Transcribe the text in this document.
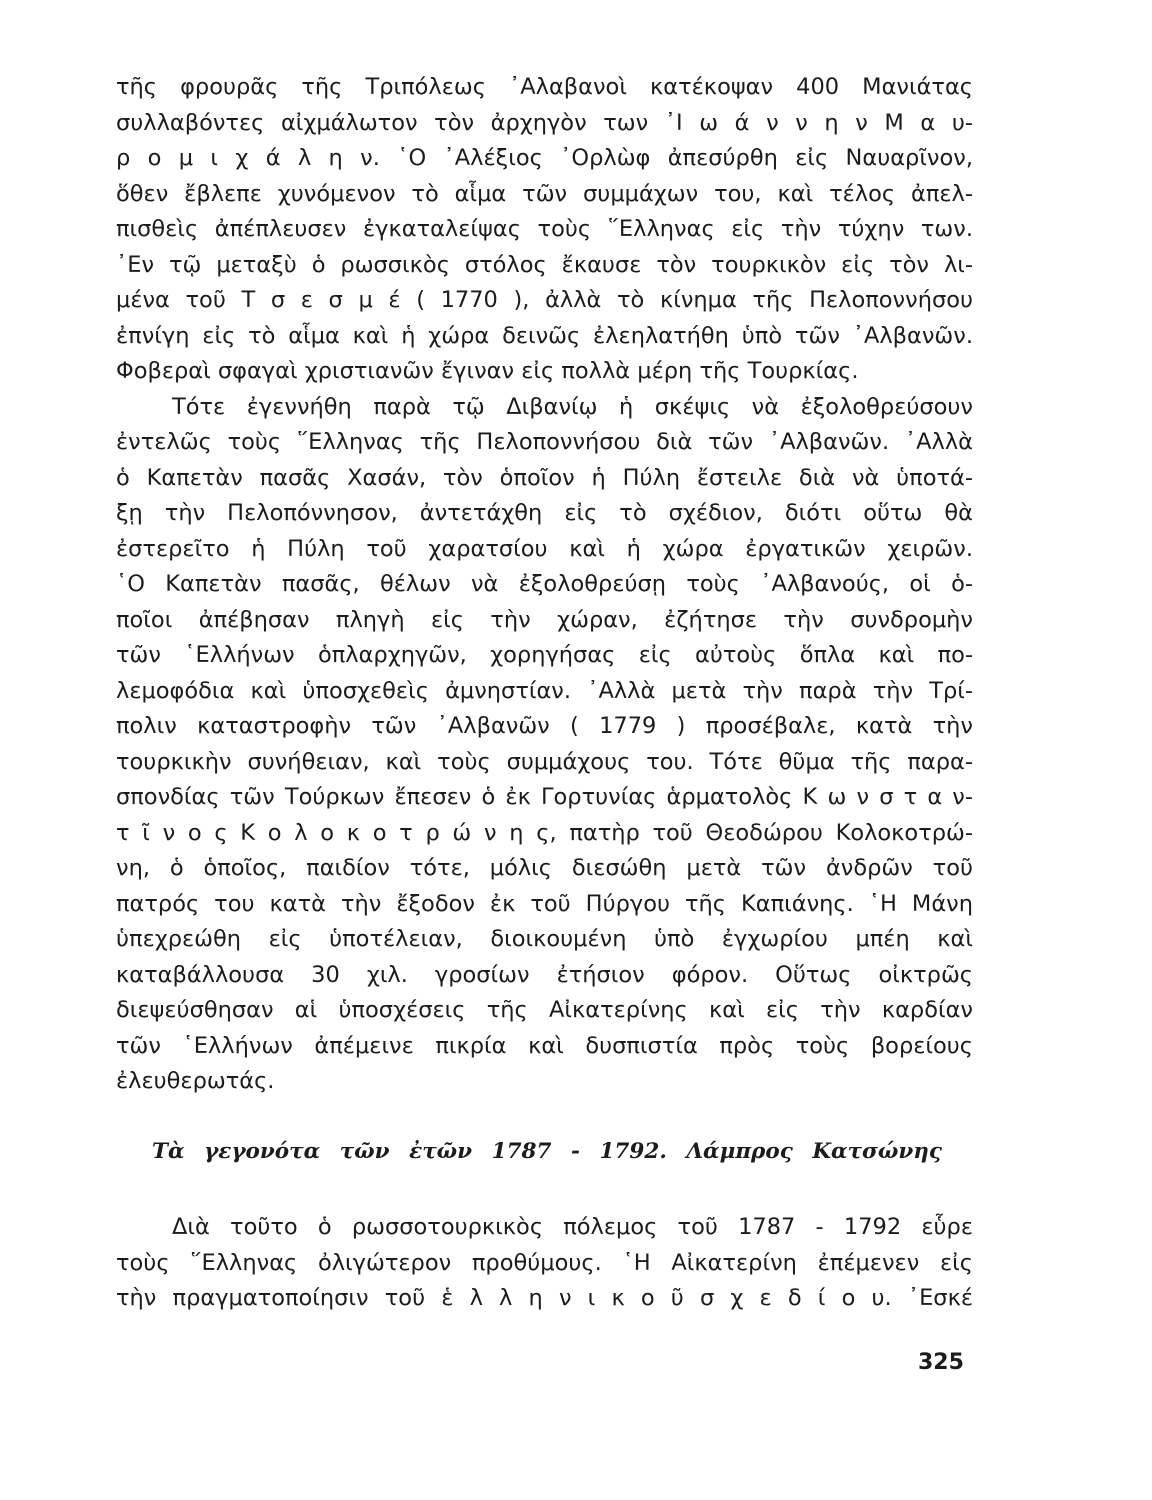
τῆς φρουρᾶς τῆς Τριπόλεως ᾿Αλαβανοὶ κατέκοψαν 400 Μανιάτας
συλλαβόντες αἰχμάλωτον τὸν ἀρχηγὸν των ᾿Ι ω ά ν ν η ν Μ α υ-
ρ ο μ ι χ ά λ η ν. ῾Ο ᾿Αλέξιος ᾿Ορλὼφ ἀπεσύρθη εἰς Ναυαρῖνον,
ὅθεν ἔβλεπε χυνόμενον τὸ αἷμα τῶν συμμάχων του, καὶ τέλος ἀπελ-
πισθεὶς ἀπέπλευσεν ἐγκαταλείψας τοὺς ῞Ελληνας εἰς τὴν τύχην των.
᾿Εν τῷ μεταξὺ ὁ ρωσσικὸς στόλος ἔκαυσε τὸν τουρκικὸν εἰς τὸν λι-
μένα τοῦ Τ σ ε σ μ έ ( 1770 ), ἀλλὰ τὸ κίνημα τῆς Πελοποννήσου
ἐπνίγη εἰς τὸ αἷμα καὶ ἡ χώρα δεινῶς ἐλεηλατήθη ὑπὸ τῶν ᾿Αλβανῶν.
Φοβεραὶ σφαγαὶ χριστιανῶν ἔγιναν εἰς πολλὰ μέρη τῆς Τουρκίας.
Τότε ἐγεννήθη παρὰ τῷ Διβανίῳ ἡ σκέψις νὰ ἐξολοθρεύσουν
ἐντελῶς τοὺς ῞Ελληνας τῆς Πελοποννήσου διὰ τῶν ᾿Αλβανῶν. ᾿Αλλὰ
ὁ Καπετὰν πασᾶς Χασάν, τὸν ὁποῖον ἡ Πύλη ἔστειλε διὰ νὰ ὑποτά-
ξῃ τὴν Πελοπόννησον, ἀντετάχθη εἰς τὸ σχέδιον, διότι οὕτω θὰ
ἐστερεῖτο ἡ Πύλη τοῦ χαρατσίου καὶ ἡ χώρα ἐργατικῶν χειρῶν.
῾Ο Καπετὰν πασᾶς, θέλων νὰ ἐξολοθρεύσῃ τοὺς ᾿Αλβανούς, οἱ ὁ-
ποῖοι ἀπέβησαν πληγὴ εἰς τὴν χώραν, ἐζήτησε τὴν συνδρομὴν
τῶν ῾Ελλήνων ὁπλαρχηγῶν, χορηγήσας εἰς αὐτοὺς ὅπλα καὶ πο-
λεμοφόδια καὶ ὑποσχεθεὶς ἀμνηστίαν. ᾿Αλλὰ μετὰ τὴν παρὰ τὴν Τρί-
πολιν καταστροφὴν τῶν ᾿Αλβανῶν ( 1779 ) προσέβαλε, κατὰ τὴν
τουρκικὴν συνήθειαν, καὶ τοὺς συμμάχους του. Τότε θῦμα τῆς παρα-
σπονδίας τῶν Τούρκων ἔπεσεν ὁ ἐκ Γορτυνίας ἁρματολὸς Κ ω ν σ τ α ν-
τ ῖ ν ο ς Κ ο λ ο κ ο τ ρ ώ ν η ς, πατὴρ τοῦ Θεοδώρου Κολοκοτρώ-
νη, ὁ ὁποῖος, παιδίον τότε, μόλις διεσώθη μετὰ τῶν ἀνδρῶν τοῦ
πατρός του κατὰ τὴν ἔξοδον ἐκ τοῦ Πύργου τῆς Καπιάνης. ῾Η Μάνη
ὑπεχρεώθη εἰς ὑποτέλειαν, διοικουμένη ὑπὸ ἐγχωρίου μπέη καὶ
καταβάλλουσα 30 χιλ. γροσίων ἐτήσιον φόρον. Οὕτως οἰκτρῶς
διεψεύσθησαν αἱ ὑποσχέσεις τῆς Αἰκατερίνης καὶ εἰς τὴν καρδίαν
τῶν ῾Ελλήνων ἀπέμεινε πικρία καὶ δυσπιστία πρὸς τοὺς βορείους
ἐλευθερωτάς.
Τὰ γεγονότα τῶν ἐτῶν 1787 - 1792. Λάμπρος Κατσώνης
Διὰ τοῦτο ὁ ρωσσοτουρκικὸς πόλεμος τοῦ 1787 - 1792 εὗρε
τοὺς ῞Ελληνας ὀλιγώτερον προθύμους. ῾Η Αἰκατερίνη ἐπέμενεν εἰς
τὴν πραγματοποίησιν τοῦ ἑ λ λ η ν ι κ ο ῦ σ χ ε δ ί ο υ. ᾿Εσκέ
325
